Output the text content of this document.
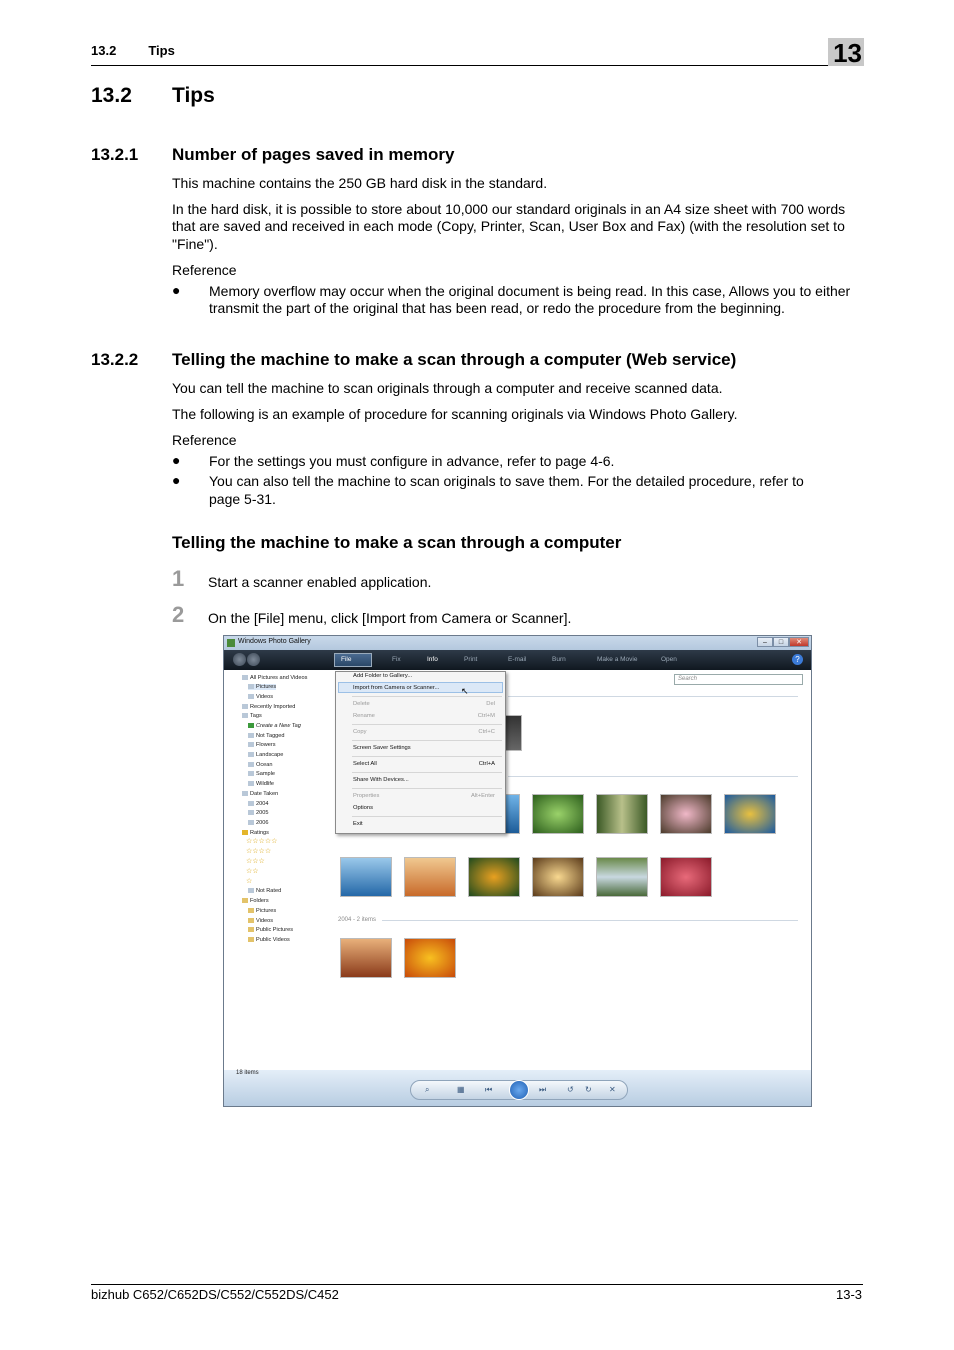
13.2 Tips	13
13.2 Tips
13.2.1 Number of pages saved in memory
This machine contains the 250 GB hard disk in the standard.
In the hard disk, it is possible to store about 10,000 our standard originals in an A4 size sheet with 700 words
that are saved and received in each mode (Copy, Printer, Scan, User Box and Fax) (with the resolution set to
"Fine").
Reference
● Memory overflow may occur when the original document is being read. In this case, Allows you to either
transmit the part of the original that has been read, or redo the procedure from the beginning.
13.2.2 Telling the machine to make a scan through a computer (Web service)
You can tell the machine to scan originals through a computer and receive scanned data.
The following is an example of procedure for scanning originals via Windows Photo Gallery.
Reference
● For the settings you must configure in advance, refer to page 4-6.
● You can also tell the machine to scan originals to save them. For the detailed procedure, refer to
page 5-31.
Telling the machine to make a scan through a computer
1 Start a scanner enabled application.
2 On the [File] menu, click [Import from Camera or Scanner].
Windows Photo Gallery	–	□	✕
File	Fix	Info	Print	E-mail	Burn	Make a Movie	Open	?
All Pictures and Videos
Pictures
Videos
Recently Imported
Tags
Create a New Tag
Not Tagged
Flowers
Landscape
Ocean
Sample
Wildlife
Date Taken
2004
2005
2006
Ratings
☆☆☆☆☆
☆☆☆☆
☆☆☆
☆☆
☆
Not Rated
Folders
Pictures
Videos
Public Pictures
Public Videos
2004 - 2 items
Search
Add Folder to Gallery...
Import from Camera or Scanner...
Delete	Del
Rename	Ctrl+M
Copy	Ctrl+C
Screen Saver Settings
Select All	Ctrl+A
Share With Devices...
Properties	Alt+Enter
Options
Exit
↖
18 items
⌕	▦	⏮	⏭	↺ ↻ ✕
bizhub C652/C652DS/C552/C552DS/C452	13-3
